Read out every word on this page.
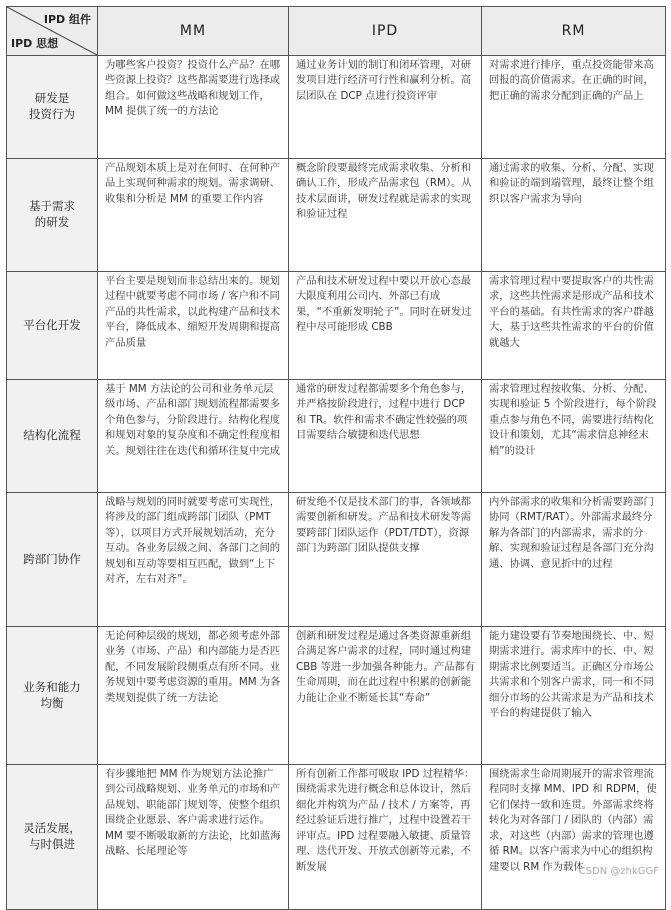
IPD 组件
IPD 思想	MM	IPD	RM
研发是
投资行为	为哪些客户投资？投资什么产品？在哪些资源上投资？这些都需要进行选择或组合。如何做这些战略和规划工作，MM 提供了统一的方法论	通过业务计划的制订和闭环管理，对研发项目进行经济可行性和赢利分析。高层团队在 DCP 点进行投资评审	对需求进行排序，重点投资能带来高回报的高价值需求。在正确的时间，把正确的需求分配到正确的产品上
基于需求
的研发	产品规划本质上是对在何时、在何种产品上实现何种需求的规划。需求调研、收集和分析是 MM 的重要工作内容	概念阶段要最终完成需求收集、分析和确认工作，形成产品需求包（RM）。从技术层面讲，研发过程就是需求的实现和验证过程	通过需求的收集、分析、分配、实现和验证的端到端管理，最终让整个组织以客户需求为导向
平台化开发	平台主要是规划而非总结出来的。规划过程中就要考虑不同市场 / 客户和不同产品的共性需求，以此构建产品和技术平台，降低成本、缩短开发周期和提高产品质量	产品和技术研发过程中要以开放心态最大限度利用公司内、外部已有成果，“不重新发明轮子”。同时在研发过程中尽可能形成 CBB	需求管理过程中要提取客户的共性需求，这些共性需求是形成产品和技术平台的基础。有共性需求的客户群越大，基于这些共性需求的平台的价值就越大
结构化流程	基于 MM 方法论的公司和业务单元层级市场、产品和部门规划流程都需要多个角色参与，分阶段进行。结构化程度和规划对象的复杂度和不确定性程度相关。规划往往在迭代和循环往复中完成	通常的研发过程都需要多个角色参与，并严格按阶段进行，过程中进行 DCP 和 TR。软件和需求不确定性较强的项目需要结合敏捷和迭代思想	需求管理过程按收集、分析、分配、实现和验证 5 个阶段进行，每个阶段重点参与角色不同，需要进行结构化设计和策划，尤其“需求信息神经末梢”的设计
跨部门协作	战略与规划的同时就要考虑可实现性，将涉及的部门组成跨部门团队（PMT 等），以项目方式开展规划活动，充分互动。各业务层级之间、各部门之间的规划和互动等要相互匹配，做到“上下对齐，左右对齐”。	研发绝不仅是技术部门的事，各领域都需要创新和研发。产品和技术研发等需要跨部门团队运作（PDT/TDT），资源部门为跨部门团队提供支撑	内外部需求的收集和分析需要跨部门协同（RMT/RAT）。外部需求最终分解为各部门的内部需求，需求的分解、实现和验证过程是各部门充分沟通、协调、意见折中的过程
业务和能力
均衡	无论何种层级的规划，都必须考虑外部业务（市场、产品）和内部能力是否匹配，不同发展阶段侧重点有所不同。业务规划中要考虑资源的重用。MM 为各类规划提供了统一方法论	创新和研发过程是通过各类资源重新组合满足客户需求的过程，同时通过构建 CBB 等进一步加强各种能力。产品都有生命周期，而在此过程中积累的创新能力能让企业不断延长其“寿命”	能力建设要有节奏地围绕长、中、短期需求进行。需求库中的长、中、短期需求比例要适当。正确区分市场公共需求和个别客户需求，同一和不同细分市场的公共需求是为产品和技术平台的构建提供了输入
灵活发展，
与时俱进	有步骤地把 MM 作为规划方法论推广到公司战略规划、业务单元的市场和产品规划、职能部门规划等，使整个组织围绕企业愿景、客户需求进行运作。MM 要不断吸取新的方法论，比如蓝海战略、长尾理论等	所有创新工作都可吸取 IPD 过程精华：围绕需求先进行概念和总体设计，然后细化并构筑为产品 / 技术 / 方案等，再经过验证后进行推广，过程中设置若干评审点。IPD 过程要融入敏捷、质量管理、迭代开发、开放式创新等元素，不断发展	围绕需求生命周期展开的需求管理流程同时支撑 MM、IPD 和 RDPM，使它们保持一致和连贯。外部需求终将转化为对各部门 / 团队的（内部）需求，对这些（内部）需求的管理也遵循 RM。以客户需求为中心的组织构建要以 RM 作为载体
CSDN @zhkGGF
